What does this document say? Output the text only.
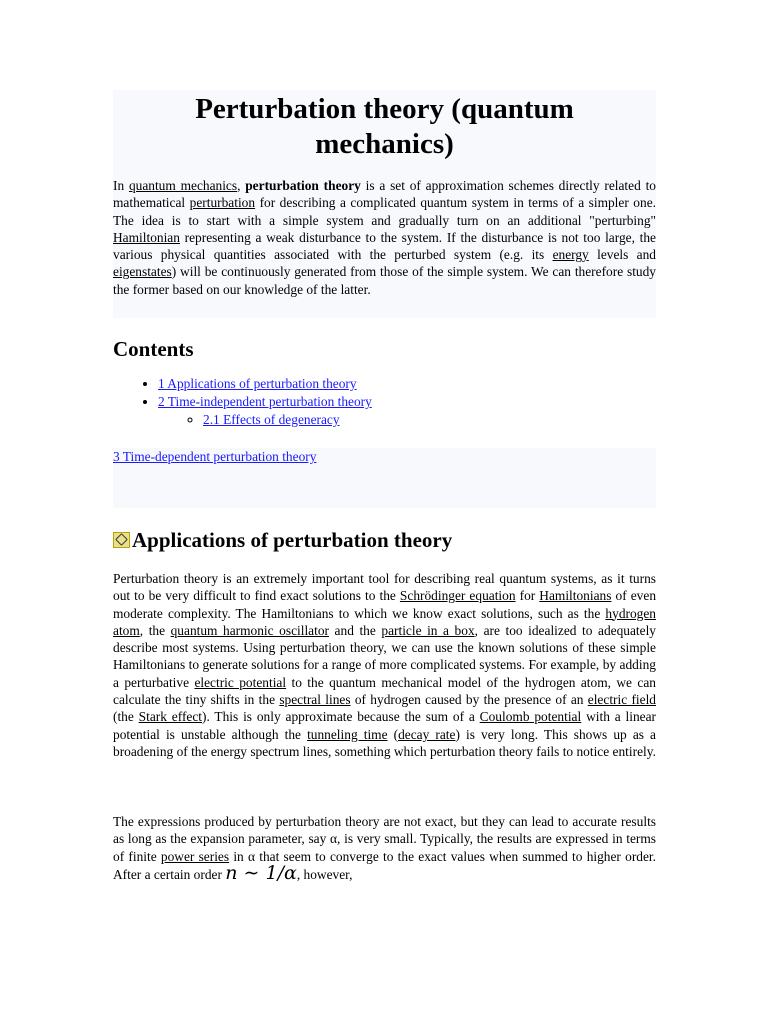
Perturbation theory (quantum
mechanics)

In quantum mechanics, perturbation theory is a set of approximation schemes directly related to mathematical perturbation for describing a complicated quantum system in terms of a simpler one. The idea is to start with a simple system and gradually turn on an additional "perturbing" Hamiltonian representing a weak disturbance to the system. If the disturbance is not too large, the various physical quantities associated with the perturbed system (e.g. its energy levels and eigenstates) will be continuously generated from those of the simple system. We can therefore study the former based on our knowledge of the latter.

Contents
• 1 Applications of perturbation theory
• 2 Time-independent perturbation theory
◦ 2.1 Effects of degeneracy
3 Time-dependent perturbation theory
Applications of perturbation theory

Perturbation theory is an extremely important tool for describing real quantum systems, as it turns out to be very difficult to find exact solutions to the Schrödinger equation for Hamiltonians of even moderate complexity. The Hamiltonians to which we know exact solutions, such as the hydrogen atom, the quantum harmonic oscillator and the particle in a box, are too idealized to adequately describe most systems. Using perturbation theory, we can use the known solutions of these simple Hamiltonians to generate solutions for a range of more complicated systems. For example, by adding a perturbative electric potential to the quantum mechanical model of the hydrogen atom, we can calculate the tiny shifts in the spectral lines of hydrogen caused by the presence of an electric field (the Stark effect). This is only approximate because the sum of a Coulomb potential with a linear potential is unstable although the tunneling time (decay rate) is very long. This shows up as a broadening of the energy spectrum lines, something which perturbation theory fails to notice entirely.

The expressions produced by perturbation theory are not exact, but they can lead to accurate results as long as the expansion parameter, say α, is very small. Typically, the results are expressed in terms of finite power series in α that seem to converge to the exact values when summed to higher order. After a certain order n ∼ 1/α, however,
